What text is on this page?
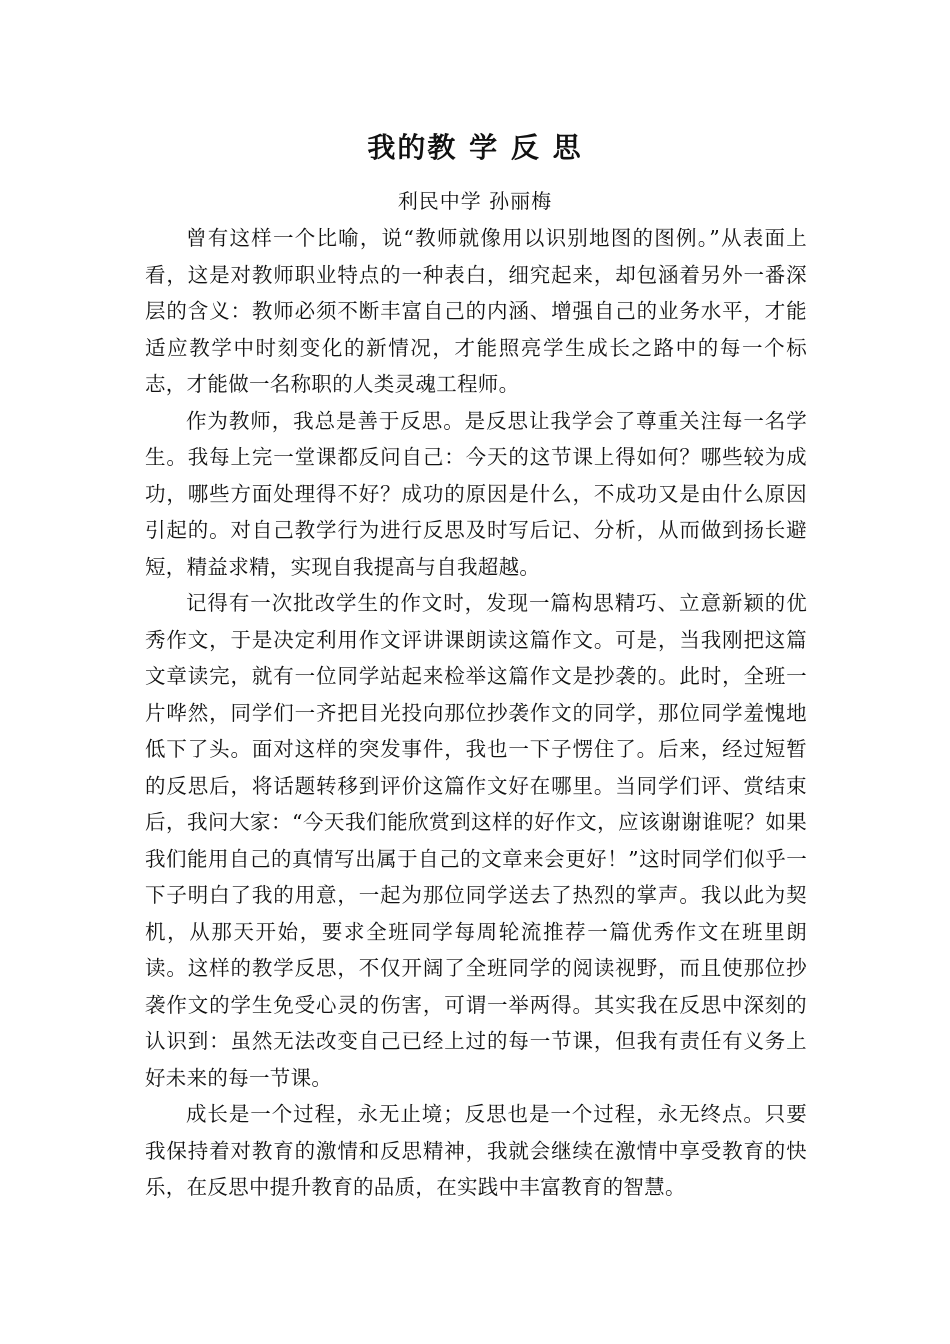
我的教 学 反 思

利民中学 孙丽梅

曾有这样一个比喻，说“教师就像用以识别地图的图例。”从表面上看，这是对教师职业特点的一种表白，细究起来，却包涵着另外一番深层的含义：教师必须不断丰富自己的内涵、增强自己的业务水平，才能适应教学中时刻变化的新情况，才能照亮学生成长之路中的每一个标志，才能做一名称职的人类灵魂工程师。

作为教师，我总是善于反思。是反思让我学会了尊重关注每一名学生。我每上完一堂课都反问自己：今天的这节课上得如何？哪些较为成功，哪些方面处理得不好？成功的原因是什么，不成功又是由什么原因引起的。对自己教学行为进行反思及时写后记、分析，从而做到扬长避短，精益求精，实现自我提高与自我超越。

记得有一次批改学生的作文时，发现一篇构思精巧、立意新颖的优秀作文，于是决定利用作文评讲课朗读这篇作文。可是，当我刚把这篇文章读完，就有一位同学站起来检举这篇作文是抄袭的。此时，全班一片哗然，同学们一齐把目光投向那位抄袭作文的同学，那位同学羞愧地低下了头。面对这样的突发事件，我也一下子愣住了。后来，经过短暂的反思后，将话题转移到评价这篇作文好在哪里。当同学们评、赏结束后，我问大家：“今天我们能欣赏到这样的好作文，应该谢谢谁呢？如果我们能用自己的真情写出属于自己的文章来会更好！”这时同学们似乎一下子明白了我的用意，一起为那位同学送去了热烈的掌声。我以此为契机，从那天开始，要求全班同学每周轮流推荐一篇优秀作文在班里朗读。这样的教学反思，不仅开阔了全班同学的阅读视野，而且使那位抄袭作文的学生免受心灵的伤害，可谓一举两得。其实我在反思中深刻的认识到：虽然无法改变自己已经上过的每一节课，但我有责任有义务上好未来的每一节课。

成长是一个过程，永无止境；反思也是一个过程，永无终点。只要我保持着对教育的激情和反思精神，我就会继续在激情中享受教育的快乐，在反思中提升教育的品质，在实践中丰富教育的智慧。
